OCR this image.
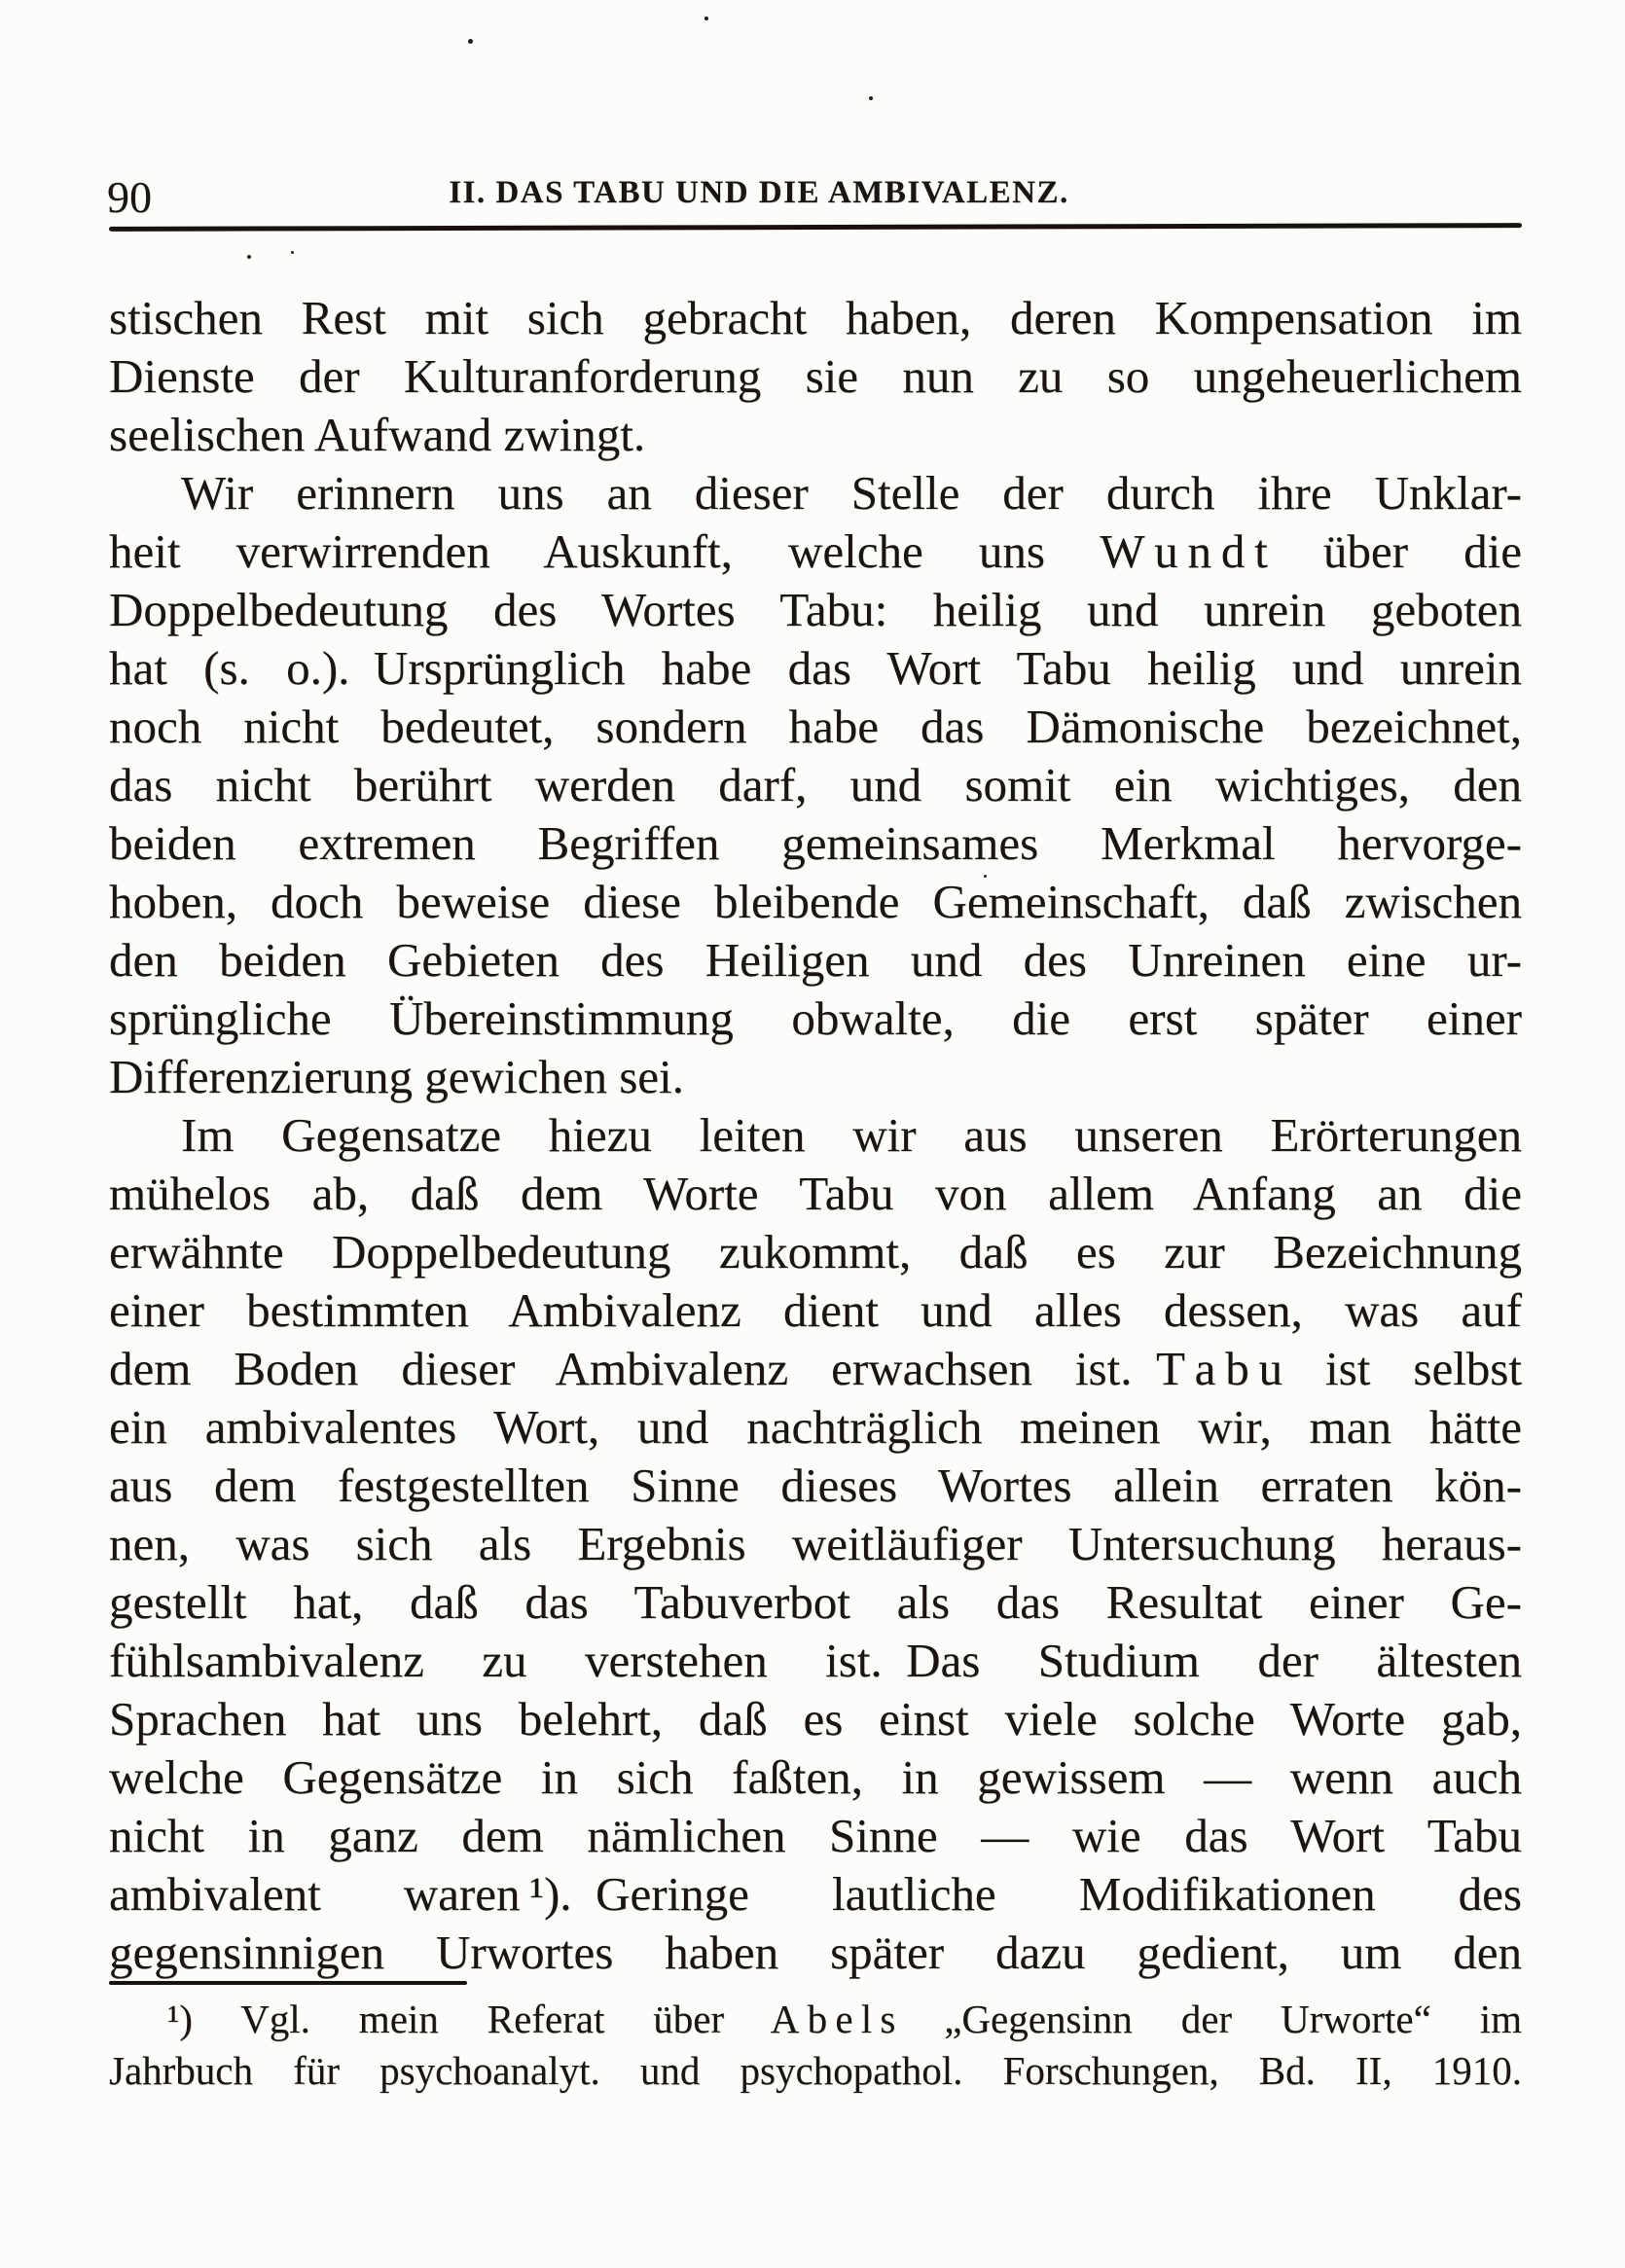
90	II. DAS TABU UND DIE AMBIVALENZ.
stischen Rest mit sich gebracht haben, deren Kompensation im
Dienste der Kulturanforderung sie nun zu so ungeheuerlichem
seelischen Aufwand zwingt.
Wir erinnern uns an dieser Stelle der durch ihre Unklar-
heit verwirrenden Auskunft, welche uns W u n d t über die
Doppelbedeutung des Wortes Tabu: heilig und unrein geboten
hat (s. o.). Ursprünglich habe das Wort Tabu heilig und unrein
noch nicht bedeutet, sondern habe das Dämonische bezeichnet,
das nicht berührt werden darf, und somit ein wichtiges, den
beiden extremen Begriffen gemeinsames Merkmal hervorge-
hoben, doch beweise diese bleibende Gemeinschaft, daß zwischen
den beiden Gebieten des Heiligen und des Unreinen eine ur-
sprüngliche Übereinstimmung obwalte, die erst später einer
Differenzierung gewichen sei.
Im Gegensatze hiezu leiten wir aus unseren Erörterungen
mühelos ab, daß dem Worte Tabu von allem Anfang an die
erwähnte Doppelbedeutung zukommt, daß es zur Bezeichnung
einer bestimmten Ambivalenz dient und alles dessen, was auf
dem Boden dieser Ambivalenz erwachsen ist. T a b u ist selbst
ein ambivalentes Wort, und nachträglich meinen wir, man hätte
aus dem festgestellten Sinne dieses Wortes allein erraten kön-
nen, was sich als Ergebnis weitläufiger Untersuchung heraus-
gestellt hat, daß das Tabuverbot als das Resultat einer Ge-
fühlsambivalenz zu verstehen ist. Das Studium der ältesten
Sprachen hat uns belehrt, daß es einst viele solche Worte gab,
welche Gegensätze in sich faßten, in gewissem — wenn auch
nicht in ganz dem nämlichen Sinne — wie das Wort Tabu
ambivalent waren ¹). Geringe lautliche Modifikationen des
gegensinnigen Urwortes haben später dazu gedient, um den
¹) Vgl. mein Referat über A b e l s „Gegensinn der Urworte“ im
Jahrbuch für psychoanalyt. und psychopathol. Forschungen, Bd. II, 1910.
